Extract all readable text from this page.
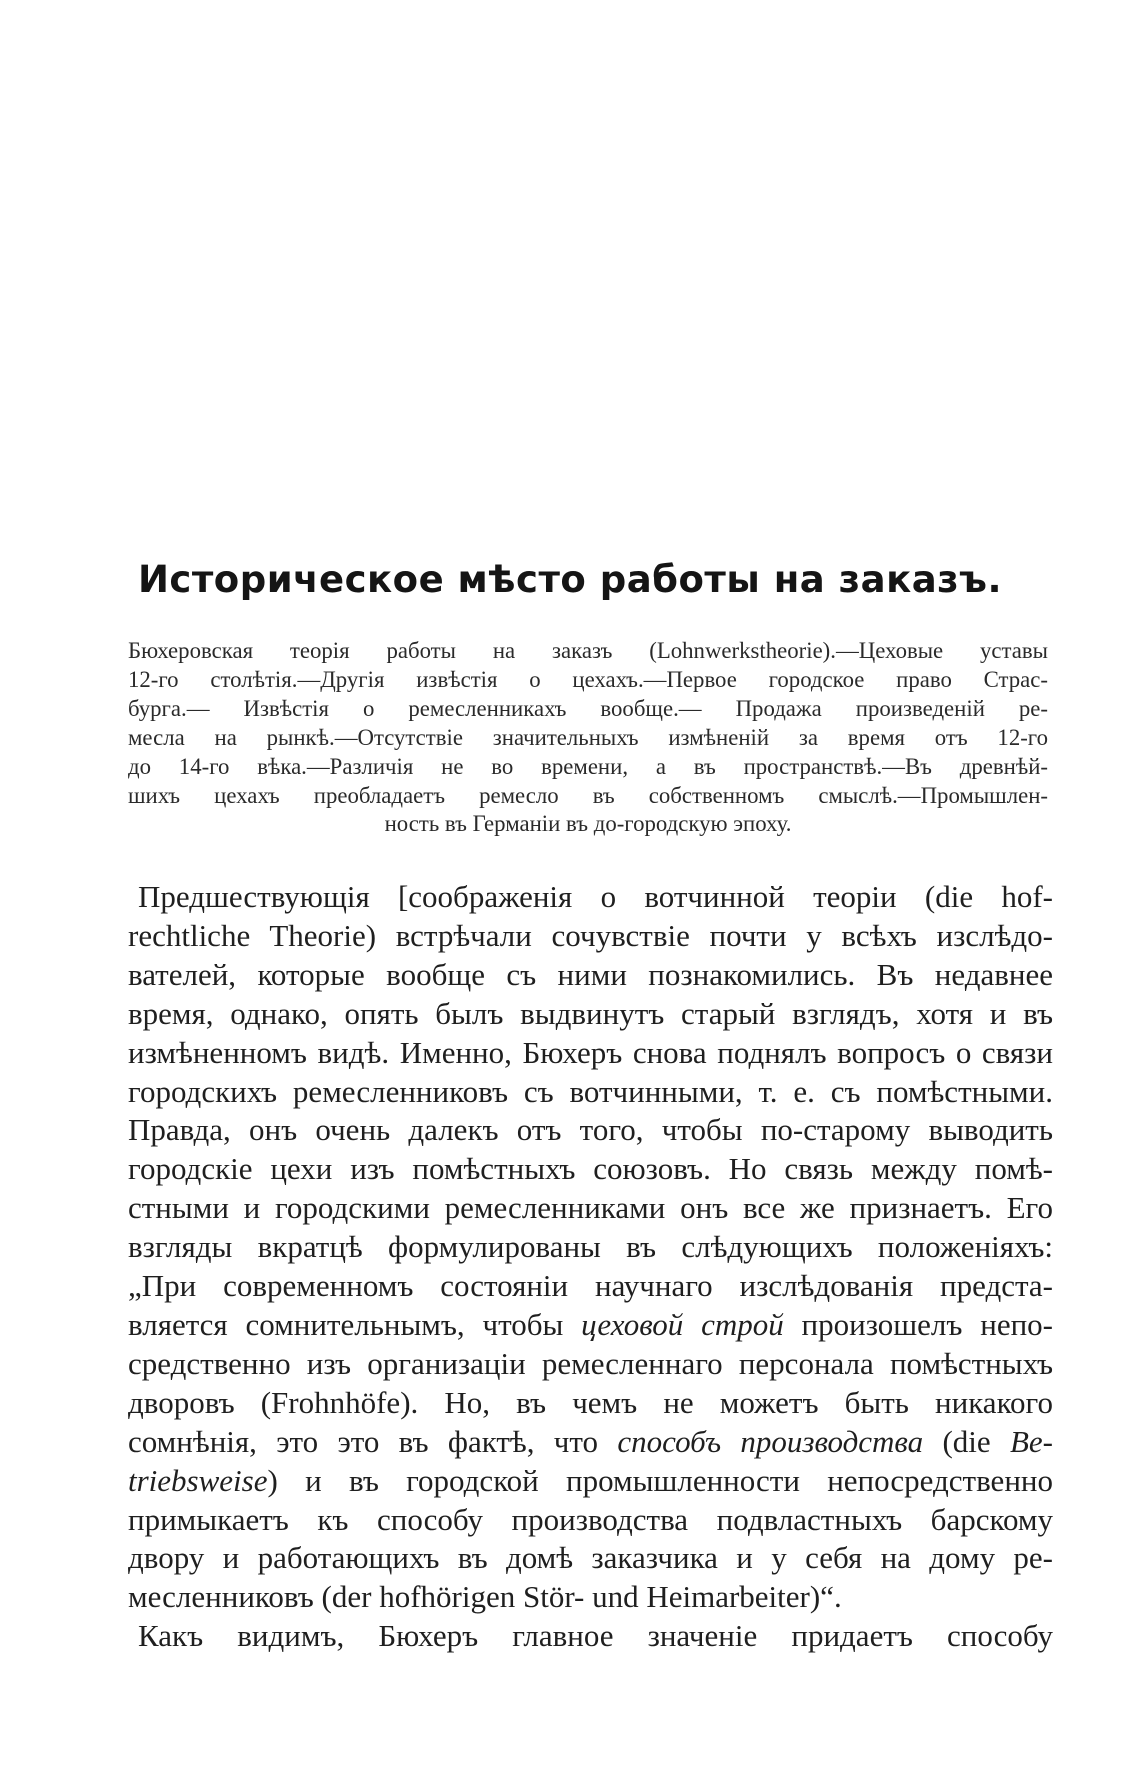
Историческое мѣсто работы на заказъ.
Бюхеровская теорія работы на заказъ (Lohnwerkstheorie).—Цеховые уставы
12-го столѣтія.—Другія извѣстія о цехахъ.—Первое городское право Страс-
бурга.— Извѣстія о ремесленникахъ вообще.— Продажа произведеній ре-
месла на рынкѣ.—Отсутствіе значительныхъ измѣненій за время отъ 12-го
до 14-го вѣка.—Различія не во времени, а въ пространствѣ.—Въ древнѣй-
шихъ цехахъ преобладаетъ ремесло въ собственномъ смыслѣ.—Промышлен-
ность въ Германіи въ до-городскую эпоху.
Предшествующія [соображенія о вотчинной теоріи (die hof-
rechtliche Theorie) встрѣчали сочувствіе почти у всѣхъ изслѣдо-
вателей, которые вообще съ ними познакомились. Въ недавнее
время, однако, опять былъ выдвинутъ старый взглядъ, хотя и въ
измѣненномъ видѣ. Именно, Бюхеръ снова поднялъ вопросъ о связи
городскихъ ремесленниковъ съ вотчинными, т. е. съ помѣстными.
Правда, онъ очень далекъ отъ того, чтобы по-старому выводить
городскіе цехи изъ помѣстныхъ союзовъ. Но связь между помѣ-
стными и городскими ремесленниками онъ все же признаетъ. Его
взгляды вкратцѣ формулированы въ слѣдующихъ положеніяхъ:
„При современномъ состояніи научнаго изслѣдованія предста-
вляется сомнительнымъ, чтобы цеховой строй произошелъ непо-
средственно изъ организаціи ремесленнаго персонала помѣстныхъ
дворовъ (Frohnhöfe). Но, въ чемъ не можетъ быть никакого
сомнѣнія, это это въ фактѣ, что способъ производства (die Be-
triebsweise) и въ городской промышленности непосредственно
примыкаетъ къ способу производства подвластныхъ барскому
двору и работающихъ въ домѣ заказчика и у себя на дому ре-
месленниковъ (der hofhörigen Stör- und Heimarbeiter)“.
Какъ видимъ, Бюхеръ главное значеніе придаетъ способу
